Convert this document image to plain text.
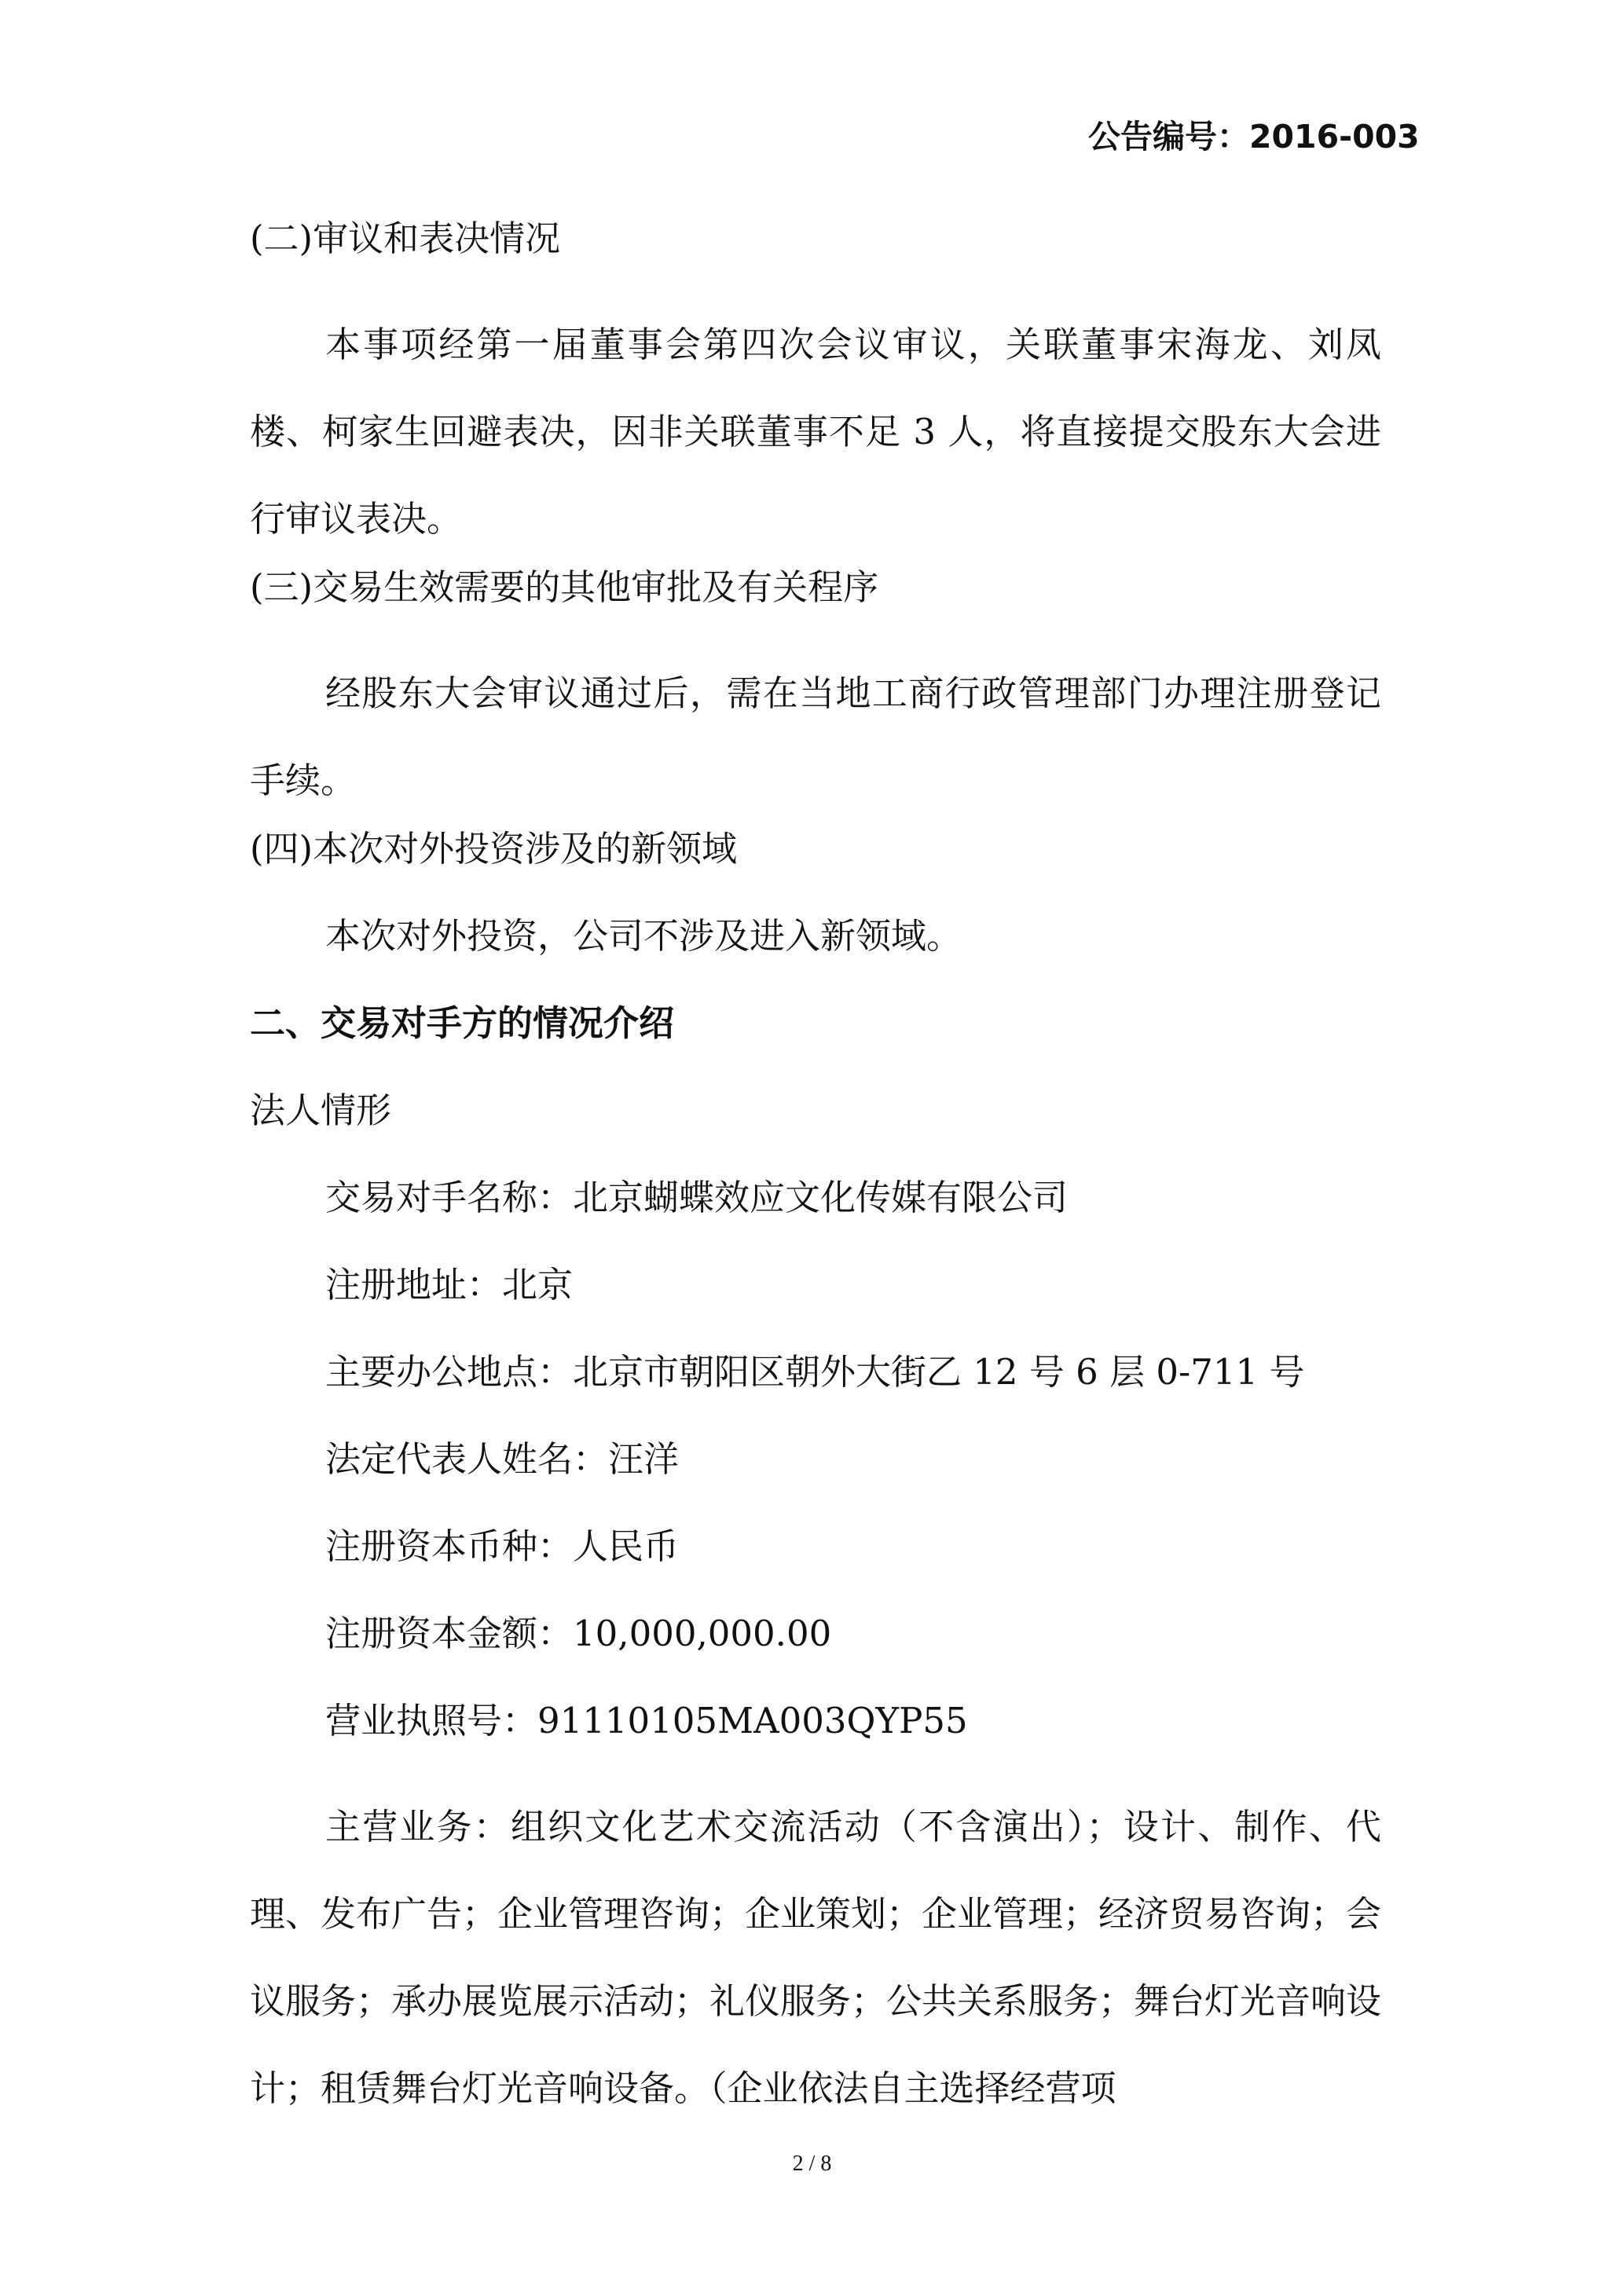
公告编号：2016-003
(二)审议和表决情况

本事项经第一届董事会第四次会议审议，关联董事宋海龙、刘凤楼、柯家生回避表决，因非关联董事不足 3 人，将直接提交股东大会进行审议表决。

(三)交易生效需要的其他审批及有关程序

经股东大会审议通过后，需在当地工商行政管理部门办理注册登记手续。

(四)本次对外投资涉及的新领域
本次对外投资，公司不涉及进入新领域。
二、交易对手方的情况介绍
法人情形
交易对手名称：北京蝴蝶效应文化传媒有限公司
注册地址：北京
主要办公地点：北京市朝阳区朝外大街乙 12 号 6 层 0-711 号
法定代表人姓名：汪洋
注册资本币种：人民币
注册资本金额：10,000,000.00
营业执照号：91110105MA003QYP55

主营业务：组织文化艺术交流活动（不含演出）；设计、制作、代理、发布广告；企业管理咨询；企业策划；企业管理；经济贸易咨询；会议服务；承办展览展示活动；礼仪服务；公共关系服务；舞台灯光音响设计；租赁舞台灯光音响设备。（企业依法自主选择经营项

2 / 8
